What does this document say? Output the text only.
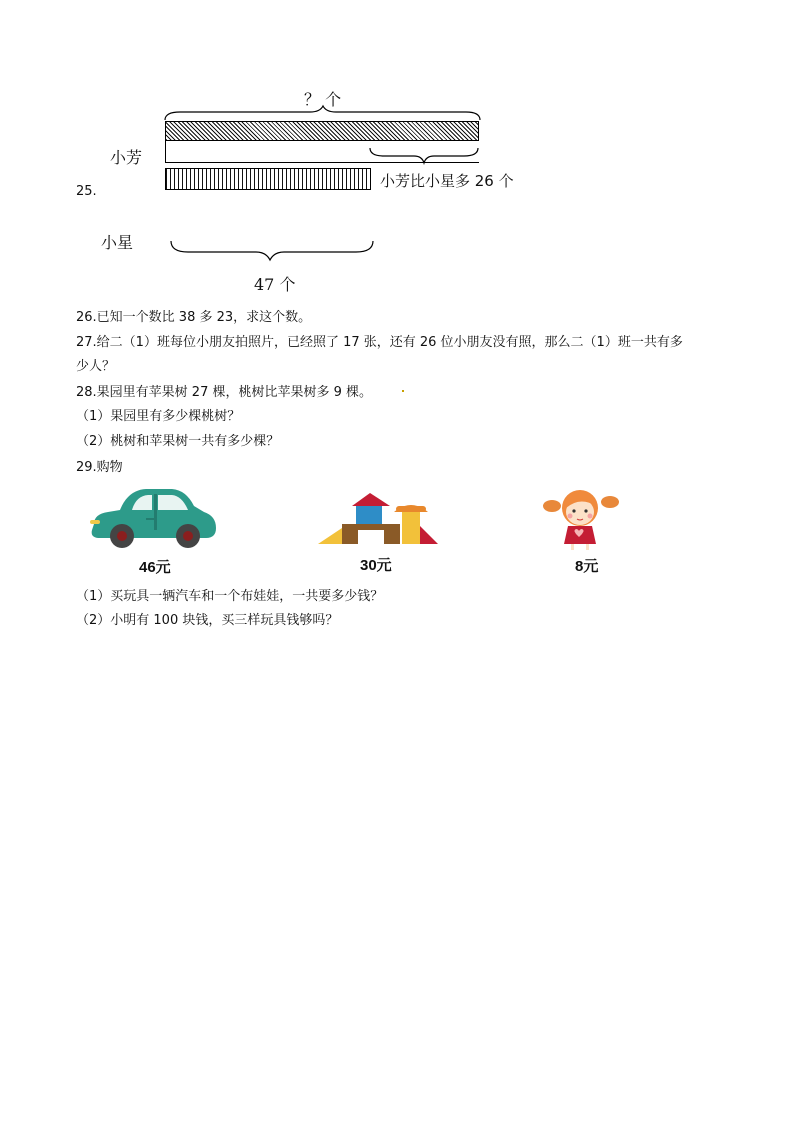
？ 个
小芳
小芳比小星多 26 个
25.
小星
47 个
26.已知一个数比 38 多 23，求这个数。
27.给二（1）班每位小朋友拍照片，已经照了 17 张，还有 26 位小朋友没有照，那么二（1）班一共有多
少人？
28.果园里有苹果树 27 棵，桃树比苹果树多 9 棵。
（1）果园里有多少棵桃树？
（2）桃树和苹果树一共有多少棵？
29.购物
46元	30元	8元
（1）买玩具一辆汽车和一个布娃娃，一共要多少钱？
（2）小明有 100 块钱，买三样玩具钱够吗？
